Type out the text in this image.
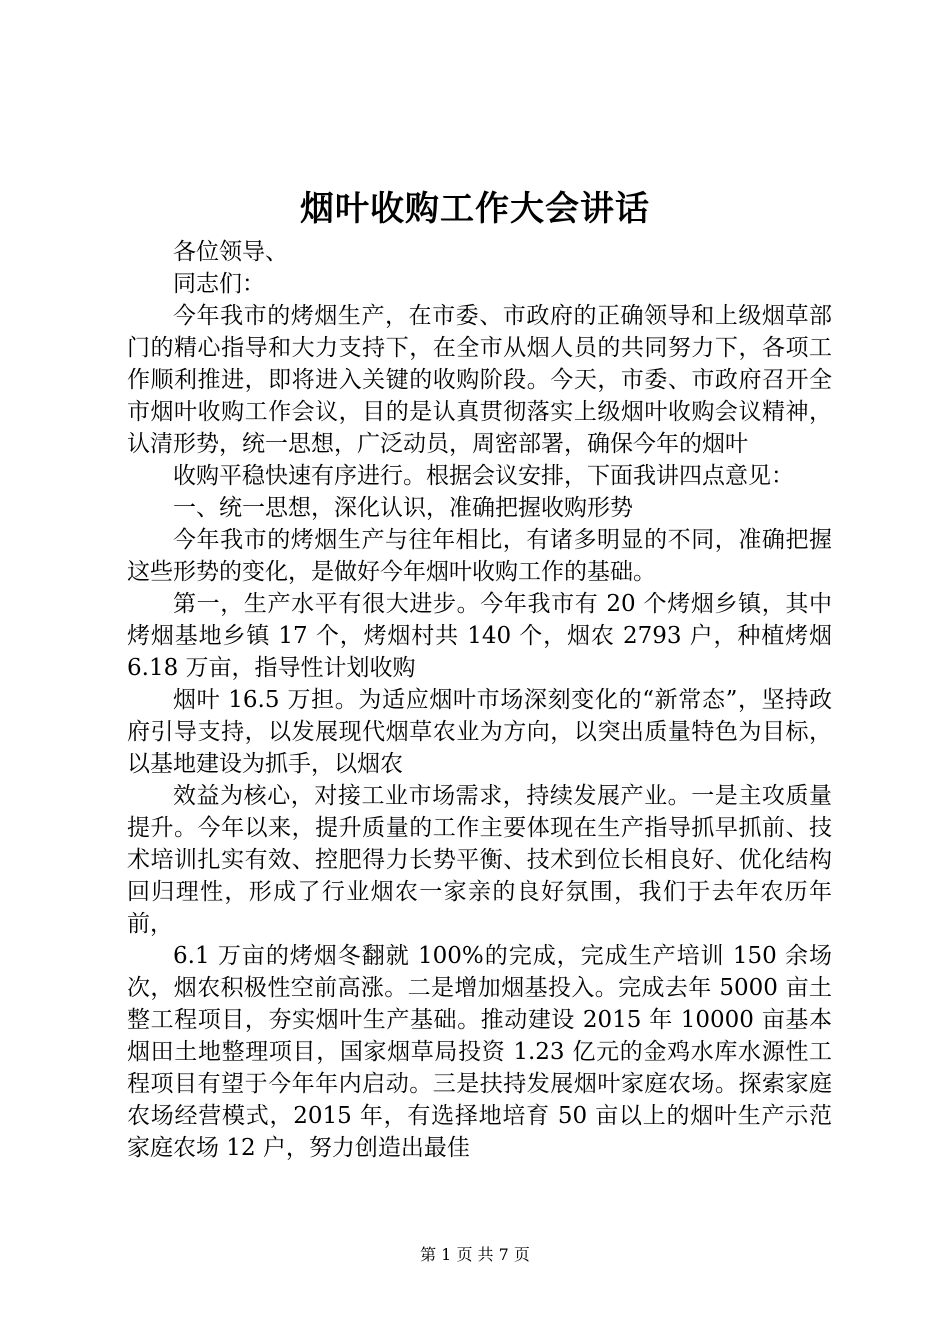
烟叶收购工作大会讲话

各位领导、

同志们：

今年我市的烤烟生产，在市委、市政府的正确领导和上级烟草部门的精心指导和大力支持下，在全市从烟人员的共同努力下，各项工作顺利推进，即将进入关键的收购阶段。今天，市委、市政府召开全市烟叶收购工作会议，目的是认真贯彻落实上级烟叶收购会议精神，认清形势，统一思想，广泛动员，周密部署，确保今年的烟叶

收购平稳快速有序进行。根据会议安排，下面我讲四点意见：

一、统一思想，深化认识，准确把握收购形势

今年我市的烤烟生产与往年相比，有诸多明显的不同，准确把握这些形势的变化，是做好今年烟叶收购工作的基础。

第一，生产水平有很大进步。今年我市有 20 个烤烟乡镇，其中烤烟基地乡镇 17 个，烤烟村共 140 个，烟农 2793 户，种植烤烟 6.18 万亩，指导性计划收购

烟叶 16.5 万担。为适应烟叶市场深刻变化的“新常态”，坚持政府引导支持，以发展现代烟草农业为方向，以突出质量特色为目标，以基地建设为抓手，以烟农

效益为核心，对接工业市场需求，持续发展产业。一是主攻质量提升。今年以来，提升质量的工作主要体现在生产指导抓早抓前、技术培训扎实有效、控肥得力长势平衡、技术到位长相良好、优化结构回归理性，形成了行业烟农一家亲的良好氛围，我们于去年农历年前，

6.1 万亩的烤烟冬翻就 100%的完成，完成生产培训 150 余场次，烟农积极性空前高涨。二是增加烟基投入。完成去年 5000 亩土整工程项目，夯实烟叶生产基础。推动建设 2015 年 10000 亩基本烟田土地整理项目，国家烟草局投资 1.23 亿元的金鸡水库水源性工程项目有望于今年年内启动。三是扶持发展烟叶家庭农场。探索家庭农场经营模式，2015 年，有选择地培育 50 亩以上的烟叶生产示范家庭农场 12 户，努力创造出最佳

第 1 页 共 7 页
